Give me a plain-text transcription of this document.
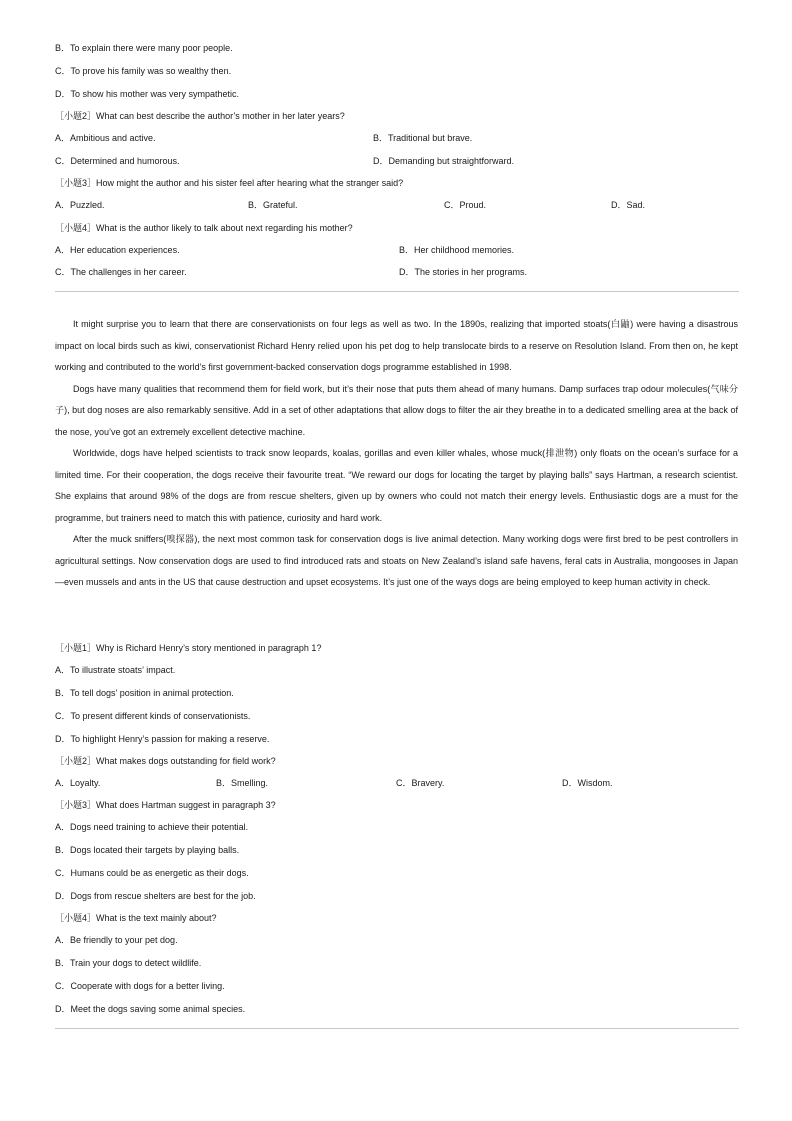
B．To explain there were many poor people.
C．To prove his family was so wealthy then.
D．To show his mother was very sympathetic.
［小题2］What can best describe the author’s mother in her later years?
A．Ambitious and active.	B．Traditional but brave.
C．Determined and humorous.	D．Demanding but straightforward.
［小题3］How might the author and his sister feel after hearing what the stranger said?
A．Puzzled.	B．Grateful.	C．Proud.	D．Sad.
［小题4］What is the author likely to talk about next regarding his mother?
A．Her education experiences.	B．Her childhood memories.
C．The challenges in her career.	D．The stories in her programs.
It might surprise you to learn that there are conservationists on four legs as well as two. In the 1890s, realizing that imported stoats(白鼬) were having a disastrous impact on local birds such as kiwi, conservationist Richard Henry relied upon his pet dog to help translocate birds to a reserve on Resolution Island. From then on, he kept working and contributed to the world’s first government-backed conservation dogs programme established in 1998.
Dogs have many qualities that recommend them for field work, but it’s their nose that puts them ahead of many humans. Damp surfaces trap odour molecules(气味分子), but dog noses are also remarkably sensitive. Add in a set of other adaptations that allow dogs to filter the air they breathe in to a dedicated smelling area at the back of the nose, you’ve got an extremely excellent detective machine.
Worldwide, dogs have helped scientists to track snow leopards, koalas, gorillas and even killer whales, whose muck(排泄物) only floats on the ocean’s surface for a limited time. For their cooperation, the dogs receive their favourite treat. “We reward our dogs for locating the target by playing balls” says Hartman, a research scientist. She explains that around 98% of the dogs are from rescue shelters, given up by owners who could not match their energy levels. Enthusiastic dogs are a must for the programme, but trainers need to match this with patience, curiosity and hard work.
After the muck sniffers(嗅探器), the next most common task for conservation dogs is live animal detection. Many working dogs were first bred to be pest controllers in agricultural settings. Now conservation dogs are used to find introduced rats and stoats on New Zealand’s island safe havens, feral cats in Australia, mongooses in Japan—even mussels and ants in the US that cause destruction and upset ecosystems. It’s just one of the ways dogs are being employed to keep human activity in check.
［小题1］Why is Richard Henry’s story mentioned in paragraph 1?
A．To illustrate stoats’ impact.
B．To tell dogs’ position in animal protection.
C．To present different kinds of conservationists.
D．To highlight Henry’s passion for making a reserve.
［小题2］What makes dogs outstanding for field work?
A．Loyalty.	B．Smelling.	C．Bravery.	D．Wisdom.
［小题3］What does Hartman suggest in paragraph 3?
A．Dogs need training to achieve their potential.
B．Dogs located their targets by playing balls.
C．Humans could be as energetic as their dogs.
D．Dogs from rescue shelters are best for the job.
［小题4］What is the text mainly about?
A．Be friendly to your pet dog.
B．Train your dogs to detect wildlife.
C．Cooperate with dogs for a better living.
D．Meet the dogs saving some animal species.
